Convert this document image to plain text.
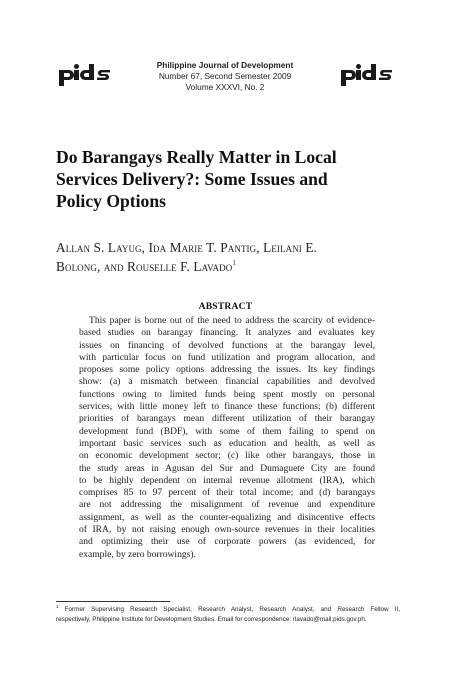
Philippine Journal of Development
Number 67, Second Semester 2009
Volume XXXVI, No. 2
Do Barangays Really Matter in Local
Services Delivery?: Some Issues and
Policy Options
Allan S. Layug, Ida Marie T. Pantig, Leilani E.
Bolong, and Rouselle F. Lavado$^1$
ABSTRACT
This paper is borne out of the need to address the scarcity of evidence-
based studies on barangay financing. It analyzes and evaluates key
issues on financing of devolved functions at the barangay level,
with particular focus on fund utilization and program allocation, and
proposes some policy options addressing the issues. Its key findings
show: (a) a mismatch between financial capabilities and devolved
functions owing to limited funds being spent mostly on personal
services, with little money left to finance these functions; (b) different
priorities of barangays mean different utilization of their barangay
development fund (BDF), with some of them failing to spend on
important basic services such as education and health, as well as
on economic development sector; (c) like other barangays, those in
the study areas in Agusan del Sur and Dumaguete City are found
to be highly dependent on internal revenue allotment (IRA), which
comprises 85 to 97 percent of their total income; and (d) barangays
are not addressing the misalignment of revenue and expenditure
assignment, as well as the counter-equalizing and disincentive effects
of IRA, by not raising enough own-source revenues in their localities
and optimizing their use of corporate powers (as evidenced, for
example, by zero borrowings).
$^1$ Former Supervising Research Specialist, Research Analyst, Research Analyst, and Research Fellow II,
respectively, Philippine Institute for Development Studies. Email for correspondence: rlavado@mail.pids.gov.ph.
